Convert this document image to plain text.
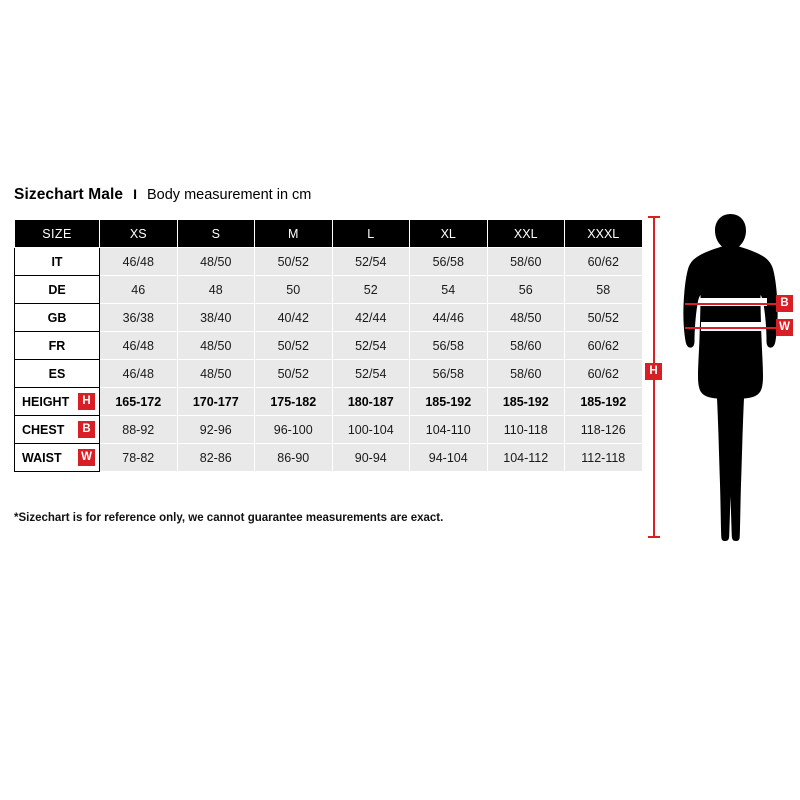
Sizechart Male I Body measurement in cm
SIZE	XS	S	M	L	XL	XXL	XXXL

IT	46/48	48/50	50/52	52/54	56/58	58/60	60/62

DE	46	48	50	52	54	56	58

GB	36/38	38/40	40/42	42/44	44/46	48/50	50/52

FR	46/48	48/50	50/52	52/54	56/58	58/60	60/62

ES	46/48	48/50	50/52	52/54	56/58	58/60	60/62

HEIGHT H	165-172	170-177	175-182	180-187	185-192	185-192	185-192

CHEST B	88-92	92-96	96-100	100-104	104-110	110-118	118-126

WAIST W	78-82	82-86	86-90	90-94	94-104	104-112	112-118
*Sizechart is for reference only, we cannot guarantee measurements are exact.
B
W
H
